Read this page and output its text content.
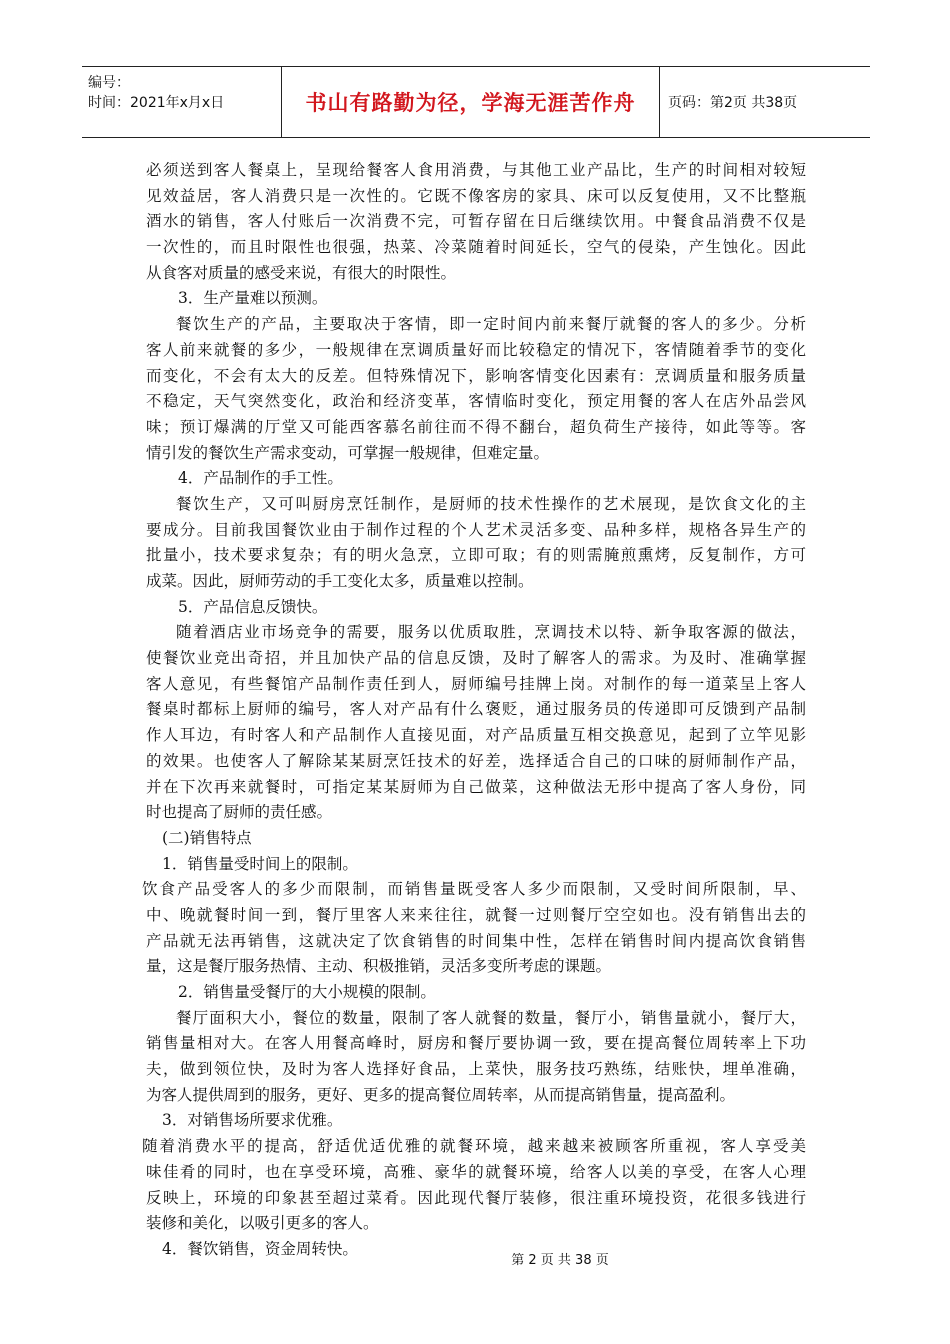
编号：
时间：2021年x月x日	书山有路勤为径，学海无涯苦作舟	页码：第2页 共38页
必须送到客人餐桌上，呈现给餐客人食用消费，与其他工业产品比，生产的时间相对较短
见效益居，客人消费只是一次性的。它既不像客房的家具、床可以反复使用，又不比整瓶
酒水的销售，客人付账后一次消费不完，可暂存留在日后继续饮用。中餐食品消费不仅是
一次性的，而且时限性也很强，热菜、冷菜随着时间延长，空气的侵染，产生蚀化。因此
从食客对质量的感受来说，有很大的时限性。
3．生产量难以预测。
餐饮生产的产品，主要取决于客情，即一定时间内前来餐厅就餐的客人的多少。分析
客人前来就餐的多少，一般规律在烹调质量好而比较稳定的情况下，客情随着季节的变化
而变化，不会有太大的反差。但特殊情况下，影响客情变化因素有：烹调质量和服务质量
不稳定，天气突然变化，政治和经济变革，客情临时变化，预定用餐的客人在店外品尝风
味；预订爆满的厅堂又可能西客慕名前往而不得不翻台，超负荷生产接待，如此等等。客
情引发的餐饮生产需求变动，可掌握一般规律，但难定量。
4．产品制作的手工性。
餐饮生产，又可叫厨房烹饪制作，是厨师的技术性操作的艺术展现，是饮食文化的主
要成分。目前我国餐饮业由于制作过程的个人艺术灵活多变、品种多样，规格各异生产的
批量小，技术要求复杂；有的明火急烹，立即可取；有的则需腌煎熏烤，反复制作，方可
成菜。因此，厨师劳动的手工变化太多，质量难以控制。
5．产品信息反馈快。
随着酒店业市场竞争的需要，服务以优质取胜，烹调技术以特、新争取客源的做法，
使餐饮业竞出奇招，并且加快产品的信息反馈，及时了解客人的需求。为及时、准确掌握
客人意见，有些餐馆产品制作责任到人，厨师编号挂牌上岗。对制作的每一道菜呈上客人
餐桌时都标上厨师的编号，客人对产品有什么褒贬，通过服务员的传递即可反馈到产品制
作人耳边，有时客人和产品制作人直接见面，对产品质量互相交换意见，起到了立竿见影
的效果。也使客人了解除某某厨烹饪技术的好差，选择适合自己的口味的厨师制作产品，
并在下次再来就餐时，可指定某某厨师为自己做菜，这种做法无形中提高了客人身份，同
时也提高了厨师的责任感。
(二)销售特点
1．销售量受时间上的限制。
饮食产品受客人的多少而限制，而销售量既受客人多少而限制，又受时间所限制，早、
中、晚就餐时间一到，餐厅里客人来来往往，就餐一过则餐厅空空如也。没有销售出去的
产品就无法再销售，这就决定了饮食销售的时间集中性，怎样在销售时间内提高饮食销售
量，这是餐厅服务热情、主动、积极推销，灵活多变所考虑的课题。
2．销售量受餐厅的大小规模的限制。
餐厅面积大小，餐位的数量，限制了客人就餐的数量，餐厅小，销售量就小，餐厅大，
销售量相对大。在客人用餐高峰时，厨房和餐厅要协调一致，要在提高餐位周转率上下功
夫，做到领位快，及时为客人选择好食品，上菜快，服务技巧熟练，结账快，埋单准确，
为客人提供周到的服务，更好、更多的提高餐位周转率，从而提高销售量，提高盈利。
3．对销售场所要求优雅。
随着消费水平的提高，舒适优适优雅的就餐环境，越来越来被顾客所重视，客人享受美
味佳肴的同时，也在享受环境，高雅、豪华的就餐环境，给客人以美的享受，在客人心理
反映上，环境的印象甚至超过菜肴。因此现代餐厅装修，很注重环境投资，花很多钱进行
装修和美化，以吸引更多的客人。
4．餐饮销售，资金周转快。
第 2 页 共 38 页
